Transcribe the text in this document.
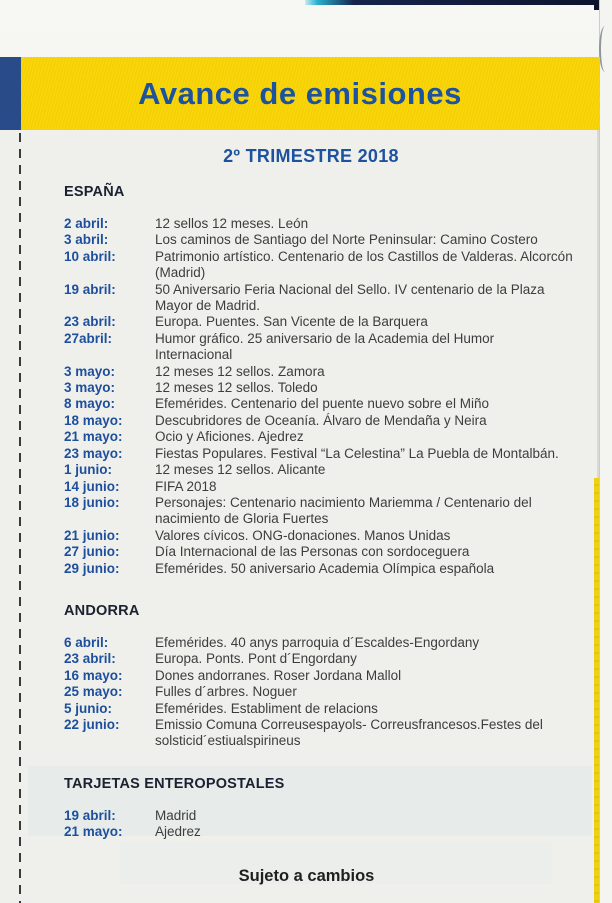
Avance de emisiones
2º TRIMESTRE 2018
ESPAÑA
2 abril:	12 sellos 12 meses. León
3 abril:	Los caminos de Santiago del Norte Peninsular: Camino Costero
10 abril:	Patrimonio artístico. Centenario de los Castillos de Valderas. Alcorcón (Madrid)
19 abril:	50 Aniversario Feria Nacional del Sello. IV centenario de la Plaza Mayor de Madrid.
23 abril:	Europa. Puentes. San Vicente de la Barquera
27abril:	Humor gráfico. 25 aniversario de la Academia del Humor Internacional
3 mayo:	12 meses 12 sellos. Zamora
3 mayo:	12 meses 12 sellos. Toledo
8 mayo:	Efemérides. Centenario del puente nuevo sobre el Miño
18 mayo:	Descubridores de Oceanía. Álvaro de Mendaña y Neira
21 mayo:	Ocio y Aficiones. Ajedrez
23 mayo:	Fiestas Populares. Festival “La Celestina” La Puebla de Montalbán.
1 junio:	12 meses 12 sellos. Alicante
14 junio:	FIFA 2018
18 junio:	Personajes: Centenario nacimiento Mariemma / Centenario del nacimiento de Gloria Fuertes
21 junio:	Valores cívicos. ONG-donaciones. Manos Unidas
27 junio:	Día Internacional de las Personas con sordoceguera
29 junio:	Efemérides. 50 aniversario Academia Olímpica española
ANDORRA
6 abril:	Efemérides. 40 anys parroquia d´Escaldes-Engordany
23 abril:	Europa. Ponts. Pont d´Engordany
16 mayo:	Dones andorranes. Roser Jordana Mallol
25 mayo:	Fulles d´arbres. Noguer
5 junio:	Efemérides. Establiment de relacions
22 junio:	Emissio Comuna Correusespayols- Correusfrancesos.Festes del solsticid´estiualspirineus
TARJETAS ENTEROPOSTALES
19 abril:	Madrid
21 mayo:	Ajedrez
Sujeto a cambios
